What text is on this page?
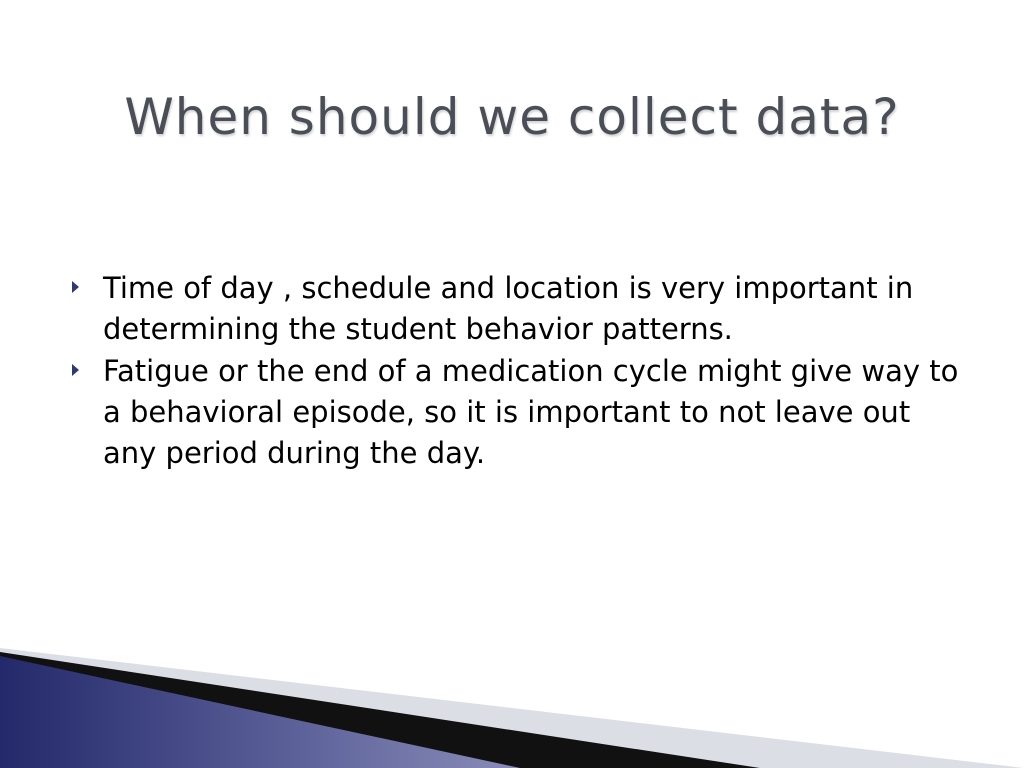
When should we collect data?
Time of day , schedule and location is very important in determining the student behavior patterns.
Fatigue or the end of a medication cycle might give way to a behavioral episode, so it is important to not leave out any period during the day.
